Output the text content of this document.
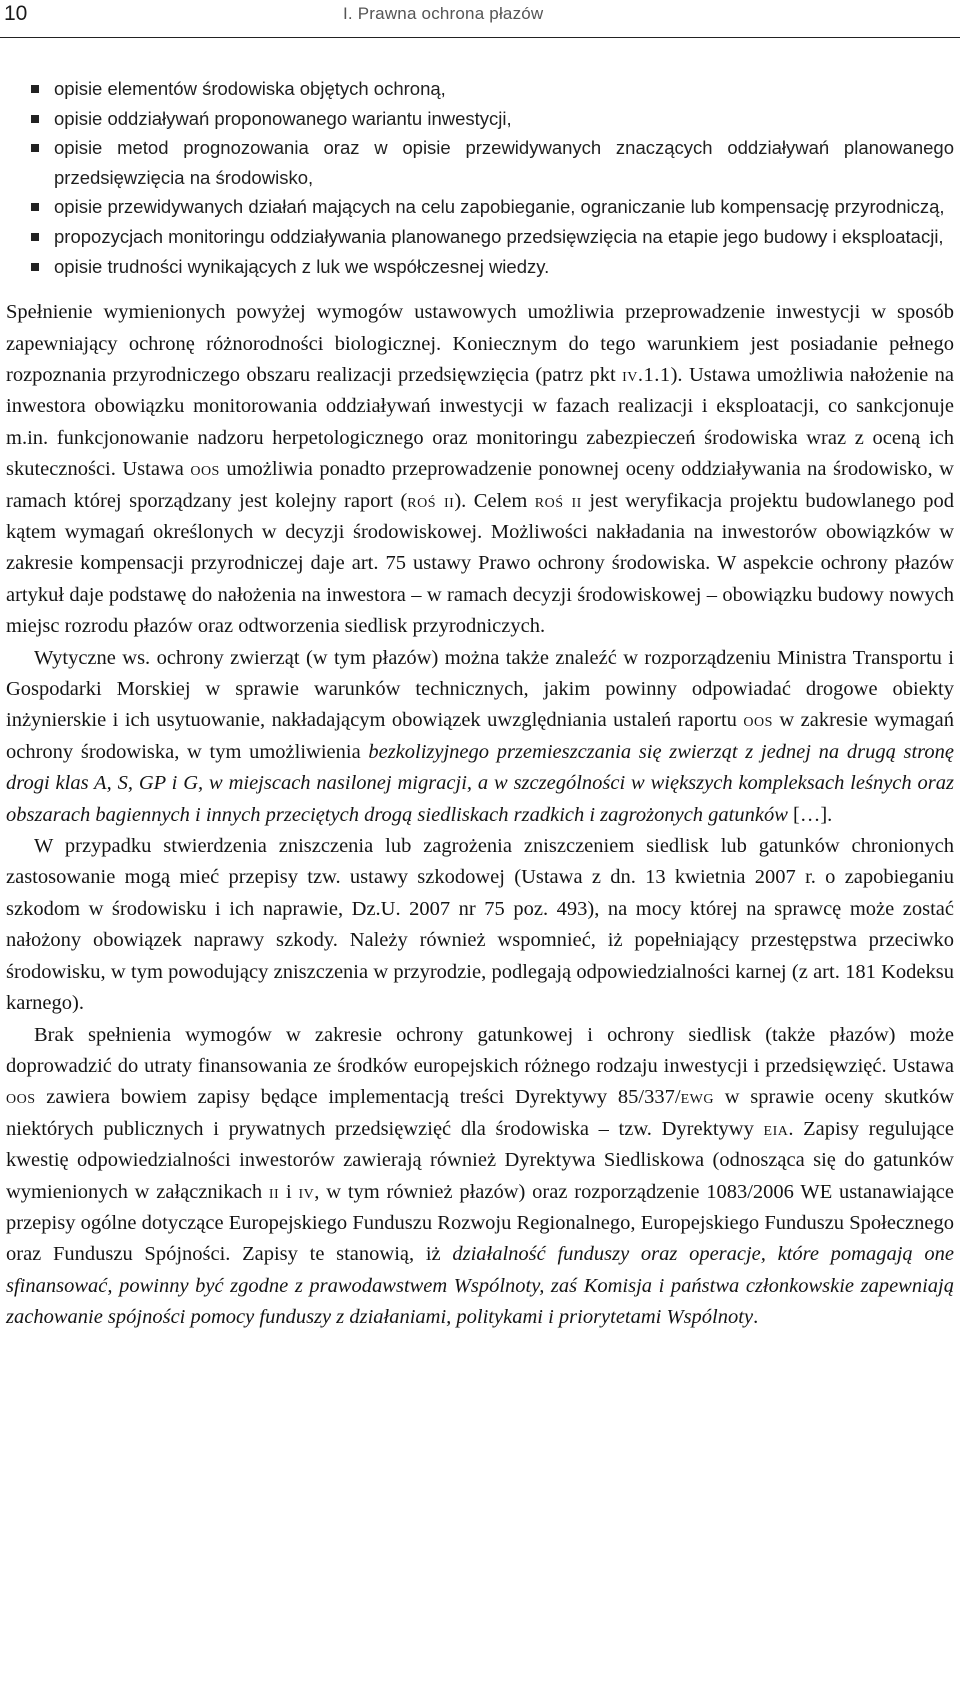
10	I. Prawna ochrona płazów
opisie elementów środowiska objętych ochroną,
opisie oddziaływań proponowanego wariantu inwestycji,
opisie metod prognozowania oraz w opisie przewidywanych znaczących oddziaływań planowanego przedsięwzięcia na środowisko,
opisie przewidywanych działań mających na celu zapobieganie, ograniczanie lub kompensację przyrodniczą,
propozycjach monitoringu oddziaływania planowanego przedsięwzięcia na etapie jego budowy i eksploatacji,
opisie trudności wynikających z luk we współczesnej wiedzy.

Spełnienie wymienionych powyżej wymogów ustawowych umożliwia przeprowadzenie inwestycji w sposób zapewniający ochronę różnorodności biologicznej. Koniecznym do tego warunkiem jest posiadanie pełnego rozpoznania przyrodniczego obszaru realizacji przedsięwzięcia (patrz pkt iv.1.1). Ustawa umożliwia nałożenie na inwestora obowiązku monitorowania oddziaływań inwestycji w fazach realizacji i eksploatacji, co sankcjonuje m.in. funkcjonowanie nadzoru herpetologicznego oraz monitoringu zabezpieczeń środowiska wraz z oceną ich skuteczności. Ustawa oos umożliwia ponadto przeprowadzenie ponownej oceny oddziaływania na środowisko, w ramach której sporządzany jest kolejny raport (roś ii). Celem roś ii jest weryfikacja projektu budowlanego pod kątem wymagań określonych w decyzji środowiskowej. Możliwości nakładania na inwestorów obowiązków w zakresie kompensacji przyrodniczej daje art. 75 ustawy Prawo ochrony środowiska. W aspekcie ochrony płazów artykuł daje podstawę do nałożenia na inwestora – w ramach decyzji środowiskowej – obowiązku budowy nowych miejsc rozrodu płazów oraz odtworzenia siedlisk przyrodniczych.

Wytyczne ws. ochrony zwierząt (w tym płazów) można także znaleźć w rozporządzeniu Ministra Transportu i Gospodarki Morskiej w sprawie warunków technicznych, jakim powinny odpowiadać drogowe obiekty inżynierskie i ich usytuowanie, nakładającym obowiązek uwzględniania ustaleń raportu oos w zakresie wymagań ochrony środowiska, w tym umożliwienia bezkolizyjnego przemieszczania się zwierząt z jednej na drugą stronę drogi klas A, S, GP i G, w miejscach nasilonej migracji, a w szczególności w większych kompleksach leśnych oraz obszarach bagiennych i innych przeciętych drogą siedliskach rzadkich i zagrożonych gatunków […].

W przypadku stwierdzenia zniszczenia lub zagrożenia zniszczeniem siedlisk lub gatunków chronionych zastosowanie mogą mieć przepisy tzw. ustawy szkodowej (Ustawa z dn. 13 kwietnia 2007 r. o zapobieganiu szkodom w środowisku i ich naprawie, Dz.U. 2007 nr 75 poz. 493), na mocy której na sprawcę może zostać nałożony obowiązek naprawy szkody. Należy również wspomnieć, iż popełniający przestępstwa przeciwko środowisku, w tym powodujący zniszczenia w przyrodzie, podlegają odpowiedzialności karnej (z art. 181 Kodeksu karnego).

Brak spełnienia wymogów w zakresie ochrony gatunkowej i ochrony siedlisk (także płazów) może doprowadzić do utraty finansowania ze środków europejskich różnego rodzaju inwestycji i przedsięwzięć. Ustawa oos zawiera bowiem zapisy będące implementacją treści Dyrektywy 85/337/ewg w sprawie oceny skutków niektórych publicznych i prywatnych przedsięwzięć dla środowiska – tzw. Dyrektywy eia. Zapisy regulujące kwestię odpowiedzialności inwestorów zawierają również Dyrektywa Siedliskowa (odnosząca się do gatunków wymienionych w załącznikach ii i iv, w tym również płazów) oraz rozporządzenie 1083/2006 WE ustanawiające przepisy ogólne dotyczące Europejskiego Funduszu Rozwoju Regionalnego, Europejskiego Funduszu Społecznego oraz Funduszu Spójności. Zapisy te stanowią, iż działalność funduszy oraz operacje, które pomagają one sfinansować, powinny być zgodne z prawodawstwem Wspólnoty, zaś Komisja i państwa członkowskie zapewniają zachowanie spójności pomocy funduszy z działaniami, politykami i priorytetami Wspólnoty.
